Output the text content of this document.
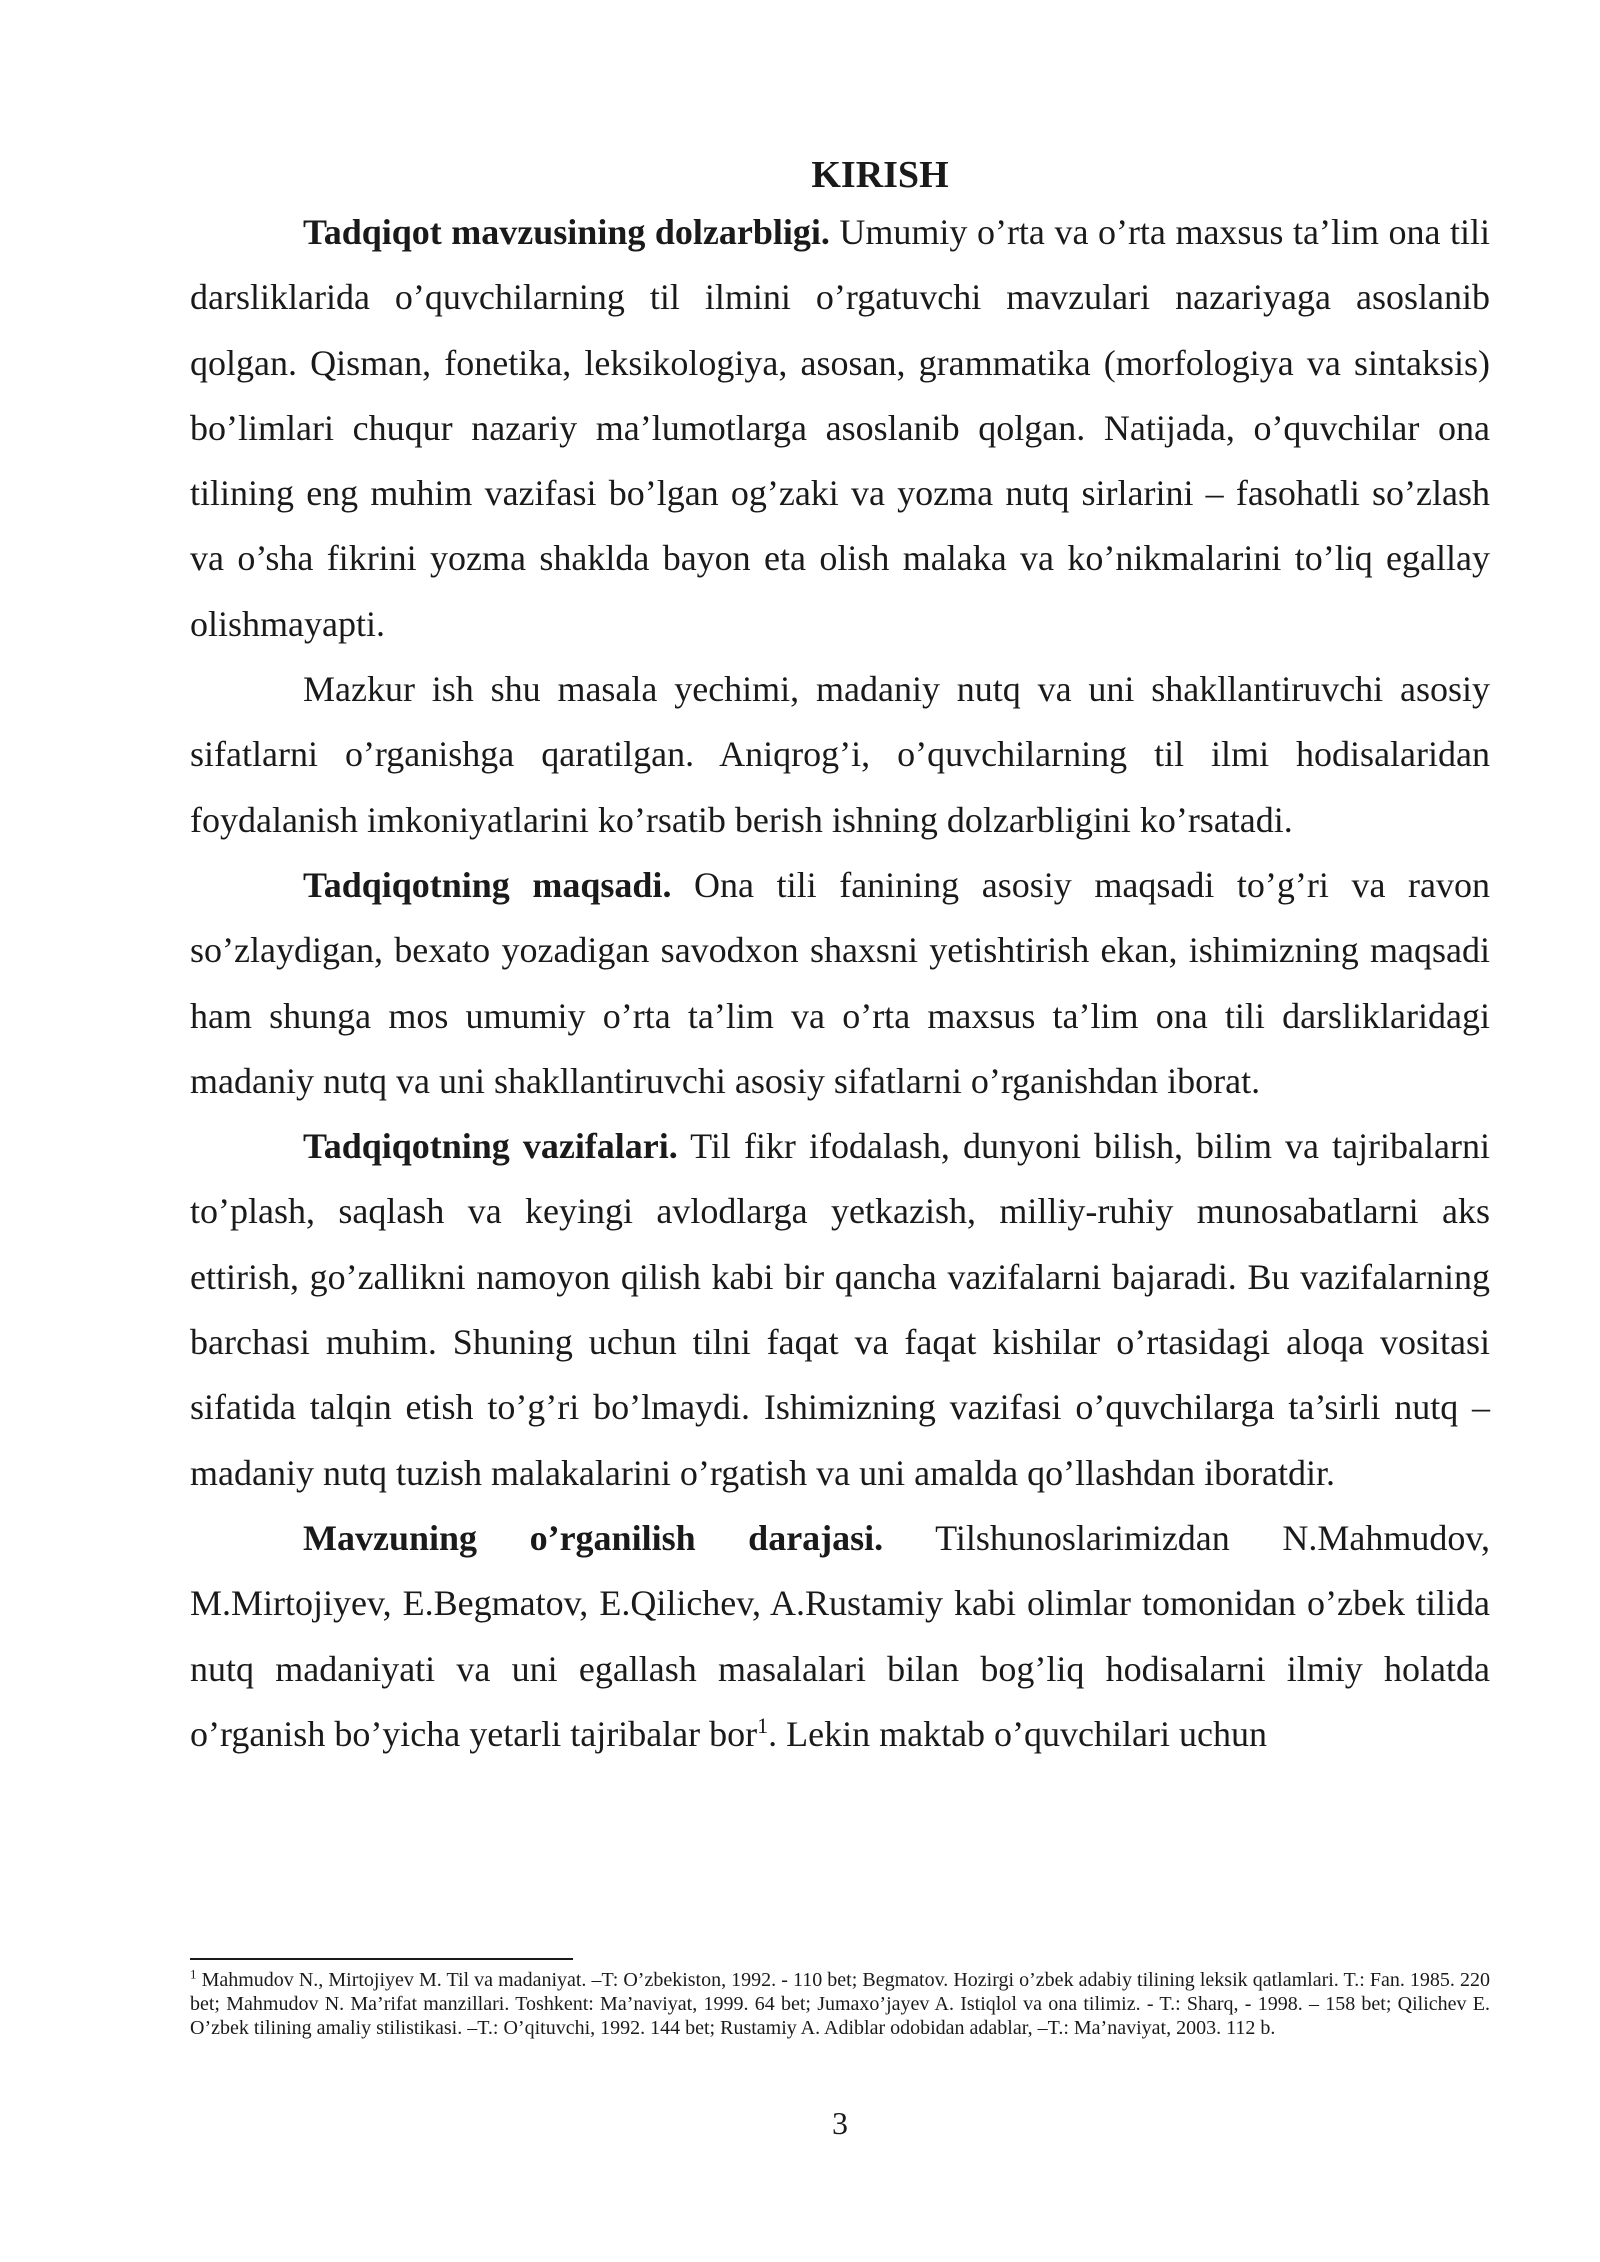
KIRISH

Tadqiqot mavzusining dolzarbligi. Umumiy o’rta va o’rta maxsus ta’lim ona tili darsliklarida o’quvchilarning til ilmini o’rgatuvchi mavzulari nazariyaga asoslanib qolgan. Qisman, fonetika, leksikologiya, asosan, grammatika (morfologiya va sintaksis) bo’limlari chuqur nazariy ma’lumotlarga asoslanib qolgan. Natijada, o’quvchilar ona tilining eng muhim vazifasi bo’lgan og’zaki va yozma nutq sirlarini – fasohatli so’zlash va o’sha fikrini yozma shaklda bayon eta olish malaka va ko’nikmalarini to’liq egallay olishmayapti.

Mazkur ish shu masala yechimi, madaniy nutq va uni shakllantiruvchi asosiy sifatlarni o’rganishga qaratilgan. Aniqrog’i, o’quvchilarning til ilmi hodisalaridan foydalanish imkoniyatlarini ko’rsatib berish ishning dolzarbligini ko’rsatadi.

Tadqiqotning maqsadi. Ona tili fanining asosiy maqsadi to’g’ri va ravon so’zlaydigan, bexato yozadigan savodxon shaxsni yetishtirish ekan, ishimizning maqsadi ham shunga mos umumiy o’rta ta’lim va o’rta maxsus ta’lim ona tili darsliklaridagi madaniy nutq va uni shakllantiruvchi asosiy sifatlarni o’rganishdan iborat.

Tadqiqotning vazifalari. Til fikr ifodalash, dunyoni bilish, bilim va tajribalarni to’plash, saqlash va keyingi avlodlarga yetkazish, milliy-ruhiy munosabatlarni aks ettirish, go’zallikni namoyon qilish kabi bir qancha vazifalarni bajaradi. Bu vazifalarning barchasi muhim. Shuning uchun tilni faqat va faqat kishilar o’rtasidagi aloqa vositasi sifatida talqin etish to’g’ri bo’lmaydi. Ishimizning vazifasi o’quvchilarga ta’sirli nutq – madaniy nutq tuzish malakalarini o’rgatish va uni amalda qo’llashdan iboratdir.

Mavzuning o’rganilish darajasi. Tilshunoslarimizdan N.Mahmudov, M.Mirtojiyev, E.Begmatov, E.Qilichev, A.Rustamiy kabi olimlar tomonidan o’zbek tilida nutq madaniyati va uni egallash masalalari bilan bog’liq hodisalarni ilmiy holatda o’rganish bo’yicha yetarli tajribalar bor$^1$. Lekin maktab o’quvchilari uchun

$^1$ Mahmudov N., Mirtojiyev M. Til va madaniyat. –T: O’zbekiston, 1992. - 110 bet; Begmatov. Hozirgi o’zbek adabiy tilining leksik qatlamlari. T.: Fan. 1985. 220 bet; Mahmudov N. Ma’rifat manzillari. Toshkent: Ma’naviyat, 1999. 64 bet; Jumaxo’jayev A. Istiqlol va ona tilimiz. - T.: Sharq, - 1998. – 158 bet; Qilichev E. O’zbek tilining amaliy stilistikasi. –T.: O’qituvchi, 1992. 144 bet; Rustamiy A. Adiblar odobidan adablar, –T.: Ma’naviyat, 2003. 112 b.

3
